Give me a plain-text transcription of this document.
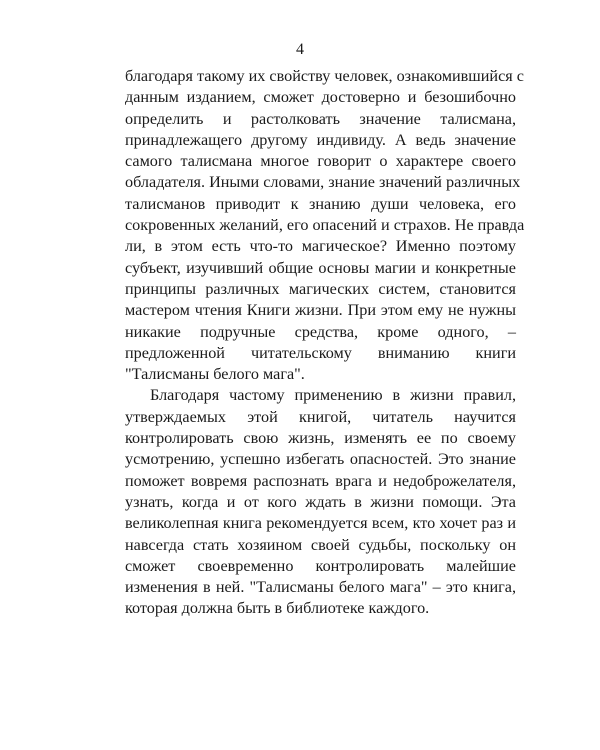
4

благодаря такому их свойству человек, ознакомившийся с
данным изданием, сможет достоверно и безошибочно
определить и растолковать значение талисмана,
принадлежащего другому индивиду. А ведь значение
самого талисмана многое говорит о характере своего
обладателя. Иными словами, знание значений различных
талисманов приводит к знанию души человека, его
сокровенных желаний, его опасений и страхов. Не правда
ли, в этом есть что-то магическое? Именно поэтому
субъект, изучивший общие основы магии и конкретные
принципы различных магических систем, становится
мастером чтения Книги жизни. При этом ему не нужны
никакие подручные средства, кроме одного, –
предложенной читательскому вниманию книги
"Талисманы белого мага".

Благодаря частому применению в жизни правил,
утверждаемых этой книгой, читатель научится
контролировать свою жизнь, изменять ее по своему
усмотрению, успешно избегать опасностей. Это знание
поможет вовремя распознать врага и недоброжелателя,
узнать, когда и от кого ждать в жизни помощи. Эта
великолепная книга рекомендуется всем, кто хочет раз и
навсегда стать хозяином своей судьбы, поскольку он
сможет своевременно контролировать малейшие
изменения в ней. "Талисманы белого мага" – это книга,
которая должна быть в библиотеке каждого.
